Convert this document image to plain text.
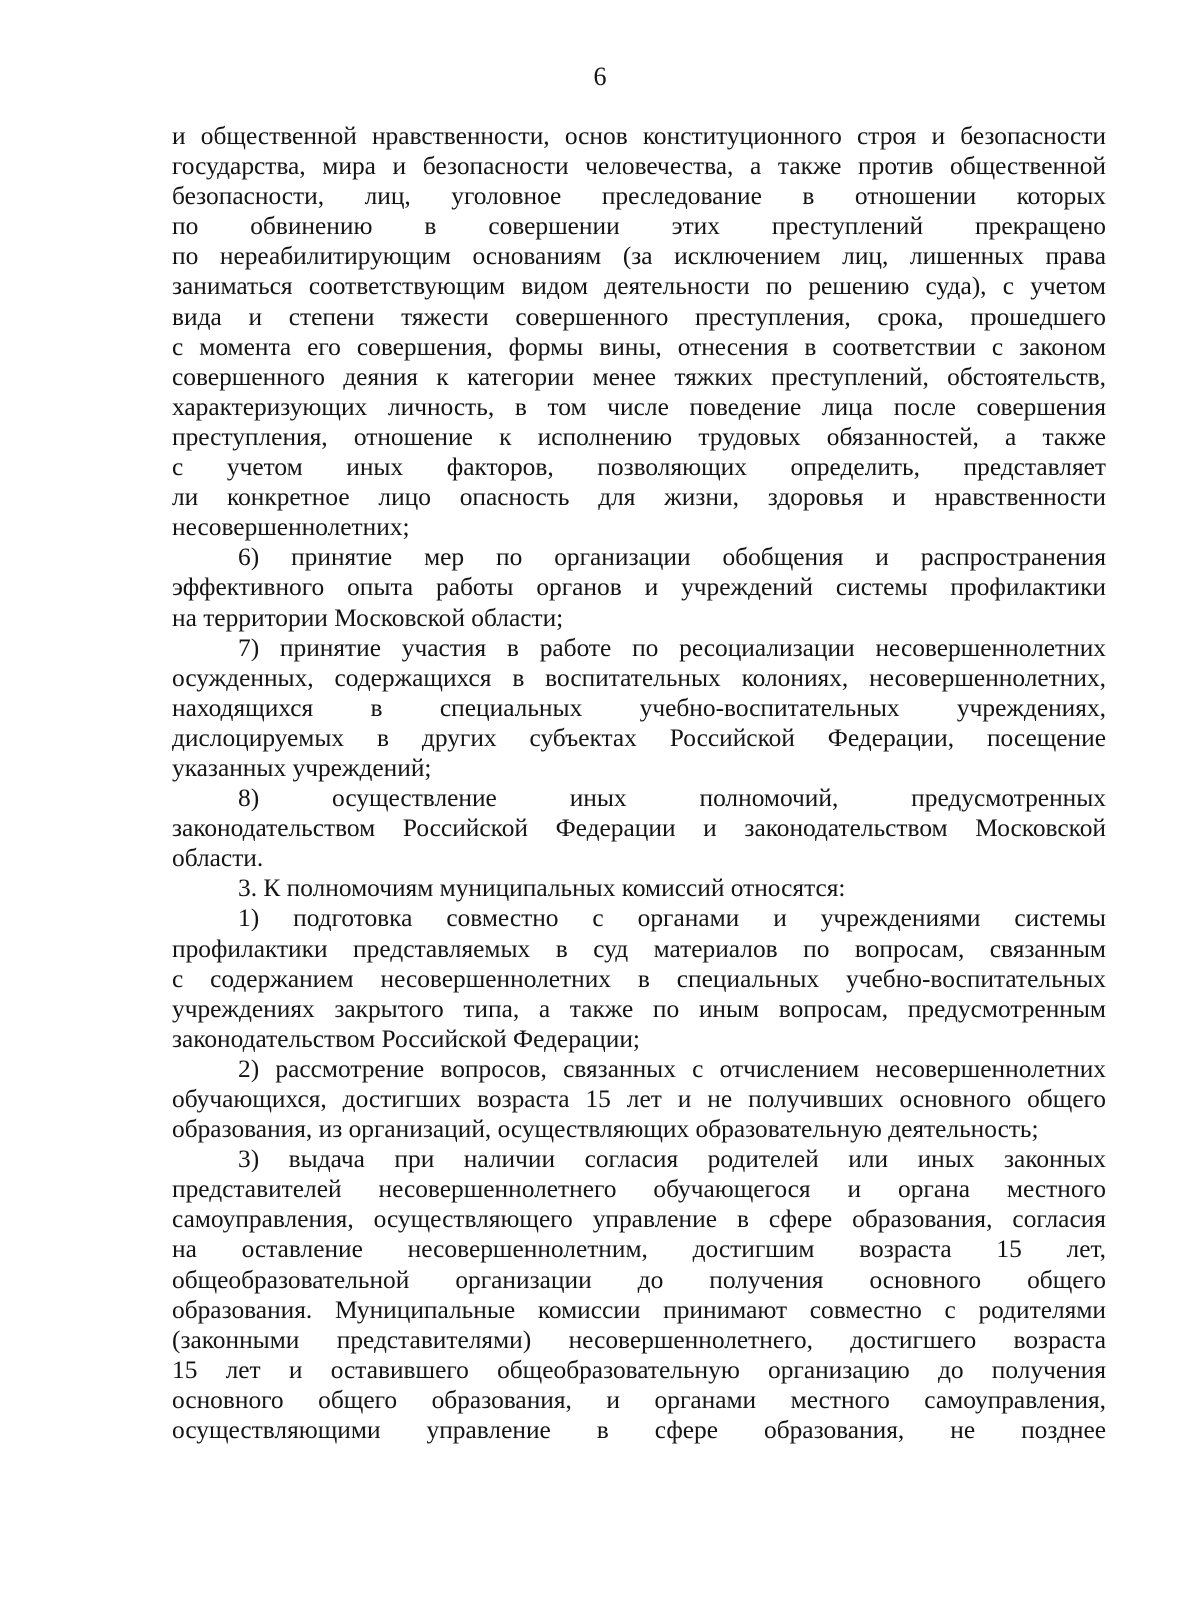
6
и общественной нравственности, основ конституционного строя и безопасности
государства, мира и безопасности человечества, а также против общественной
безопасности, лиц, уголовное преследование в отношении которых
по обвинению в совершении этих преступлений прекращено
по нереабилитирующим основаниям (за исключением лиц, лишенных права
заниматься соответствующим видом деятельности по решению суда), с учетом
вида и степени тяжести совершенного преступления, срока, прошедшего
с момента его совершения, формы вины, отнесения в соответствии с законом
совершенного деяния к категории менее тяжких преступлений, обстоятельств,
характеризующих личность, в том числе поведение лица после совершения
преступления, отношение к исполнению трудовых обязанностей, а также
с учетом иных факторов, позволяющих определить, представляет
ли конкретное лицо опасность для жизни, здоровья и нравственности
несовершеннолетних;
6) принятие мер по организации обобщения и распространения
эффективного опыта работы органов и учреждений системы профилактики
на территории Московской области;
7) принятие участия в работе по ресоциализации несовершеннолетних
осужденных, содержащихся в воспитательных колониях, несовершеннолетних,
находящихся в специальных учебно-воспитательных учреждениях,
дислоцируемых в других субъектах Российской Федерации, посещение
указанных учреждений;
8) осуществление иных полномочий, предусмотренных
законодательством Российской Федерации и законодательством Московской
области.
3. К полномочиям муниципальных комиссий относятся:
1) подготовка совместно с органами и учреждениями системы
профилактики представляемых в суд материалов по вопросам, связанным
с содержанием несовершеннолетних в специальных учебно-воспитательных
учреждениях закрытого типа, а также по иным вопросам, предусмотренным
законодательством Российской Федерации;
2) рассмотрение вопросов, связанных с отчислением несовершеннолетних
обучающихся, достигших возраста 15 лет и не получивших основного общего
образования, из организаций, осуществляющих образовательную деятельность;
3) выдача при наличии согласия родителей или иных законных
представителей несовершеннолетнего обучающегося и органа местного
самоуправления, осуществляющего управление в сфере образования, согласия
на оставление несовершеннолетним, достигшим возраста 15 лет,
общеобразовательной организации до получения основного общего
образования. Муниципальные комиссии принимают совместно с родителями
(законными представителями) несовершеннолетнего, достигшего возраста
15 лет и оставившего общеобразовательную организацию до получения
основного общего образования, и органами местного самоуправления,
осуществляющими управление в сфере образования, не позднее
